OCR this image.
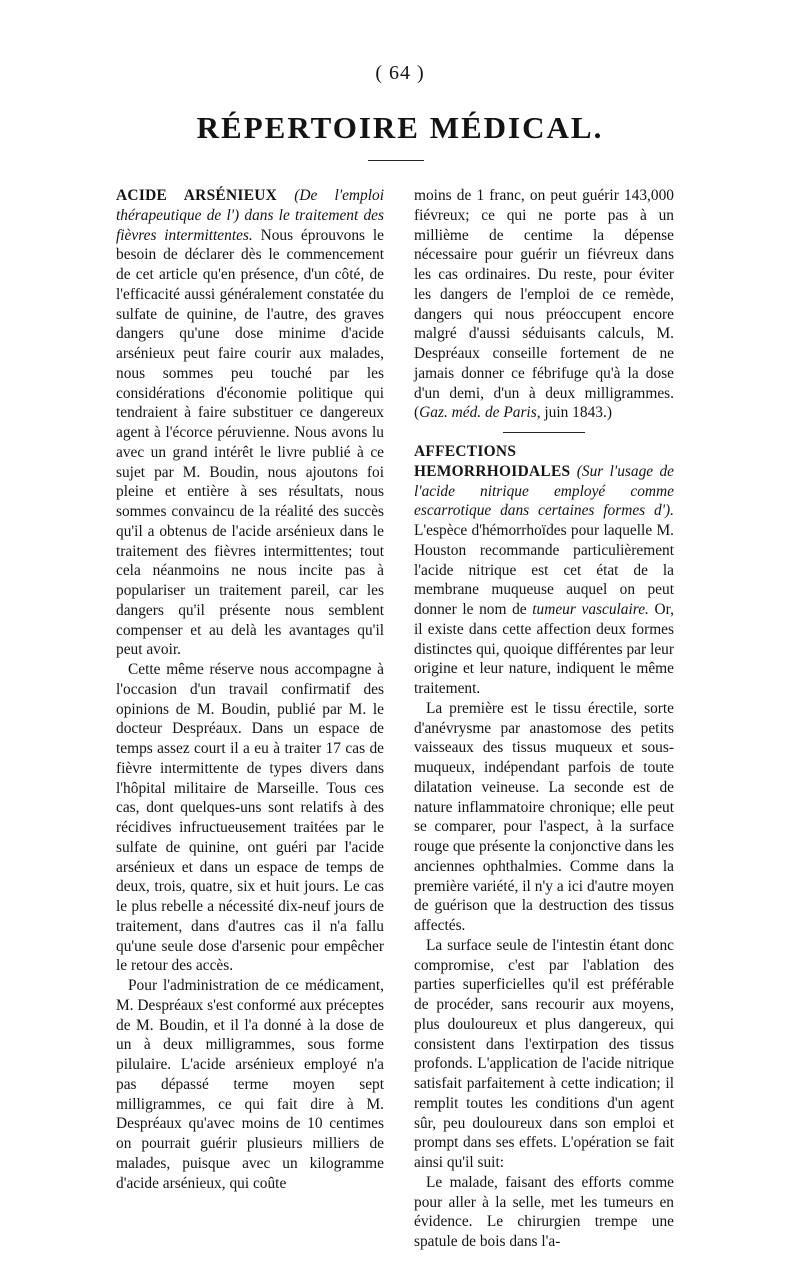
( 64 )
RÉPERTOIRE MÉDICAL.

ACIDE ARSÉNIEUX (De l'emploi thérapeutique de l') dans le traitement des fièvres intermittentes. Nous éprouvons le besoin de déclarer dès le commencement de cet article qu'en présence, d'un côté, de l'efficacité aussi généralement constatée du sulfate de quinine, de l'autre, des graves dangers qu'une dose minime d'acide arsénieux peut faire courir aux malades, nous sommes peu touché par les considérations d'économie politique qui tendraient à faire substituer ce dangereux agent à l'écorce péruvienne. Nous avons lu avec un grand intérêt le livre publié à ce sujet par M. Boudin, nous ajoutons foi pleine et entière à ses résultats, nous sommes convaincu de la réalité des succès qu'il a obtenus de l'acide arsénieux dans le traitement des fièvres intermittentes; tout cela néanmoins ne nous incite pas à populariser un traitement pareil, car les dangers qu'il présente nous semblent compenser et au delà les avantages qu'il peut avoir.

Cette même réserve nous accompagne à l'occasion d'un travail confirmatif des opinions de M. Boudin, publié par M. le docteur Despréaux. Dans un espace de temps assez court il a eu à traiter 17 cas de fièvre intermittente de types divers dans l'hôpital militaire de Marseille. Tous ces cas, dont quelques-uns sont relatifs à des récidives infructueusement traitées par le sulfate de quinine, ont guéri par l'acide arsénieux et dans un espace de temps de deux, trois, quatre, six et huit jours. Le cas le plus rebelle a nécessité dix-neuf jours de traitement, dans d'autres cas il n'a fallu qu'une seule dose d'arsenic pour empêcher le retour des accès.

Pour l'administration de ce médicament, M. Despréaux s'est conformé aux préceptes de M. Boudin, et il l'a donné à la dose de un à deux milligrammes, sous forme pilulaire. L'acide arsénieux employé n'a pas dépassé terme moyen sept milligrammes, ce qui fait dire à M. Despréaux qu'avec moins de 10 centimes on pourrait guérir plusieurs milliers de malades, puisque avec un kilogramme d'acide arsénieux, qui coûte

moins de 1 franc, on peut guérir 143,000 fiévreux; ce qui ne porte pas à un millième de centime la dépense nécessaire pour guérir un fiévreux dans les cas ordinaires. Du reste, pour éviter les dangers de l'emploi de ce remède, dangers qui nous préoccupent encore malgré d'aussi séduisants calculs, M. Despréaux conseille fortement de ne jamais donner ce fébrifuge qu'à la dose d'un demi, d'un à deux milligrammes. (Gaz. méd. de Paris, juin 1843.)

AFFECTIONS HEMORRHOIDALES (Sur l'usage de l'acide nitrique employé comme escarrotique dans certaines formes d'). L'espèce d'hémorrhoïdes pour laquelle M. Houston recommande particulièrement l'acide nitrique est cet état de la membrane muqueuse auquel on peut donner le nom de tumeur vasculaire. Or, il existe dans cette affection deux formes distinctes qui, quoique différentes par leur origine et leur nature, indiquent le même traitement.

La première est le tissu érectile, sorte d'anévrysme par anastomose des petits vaisseaux des tissus muqueux et sous-muqueux, indépendant parfois de toute dilatation veineuse. La seconde est de nature inflammatoire chronique; elle peut se comparer, pour l'aspect, à la surface rouge que présente la conjonctive dans les anciennes ophthalmies. Comme dans la première variété, il n'y a ici d'autre moyen de guérison que la destruction des tissus affectés.

La surface seule de l'intestin étant donc compromise, c'est par l'ablation des parties superficielles qu'il est préférable de procéder, sans recourir aux moyens, plus douloureux et plus dangereux, qui consistent dans l'extirpation des tissus profonds. L'application de l'acide nitrique satisfait parfaitement à cette indication; il remplit toutes les conditions d'un agent sûr, peu douloureux dans son emploi et prompt dans ses effets. L'opération se fait ainsi qu'il suit:

Le malade, faisant des efforts comme pour aller à la selle, met les tumeurs en évidence. Le chirurgien trempe une spatule de bois dans l'a-
